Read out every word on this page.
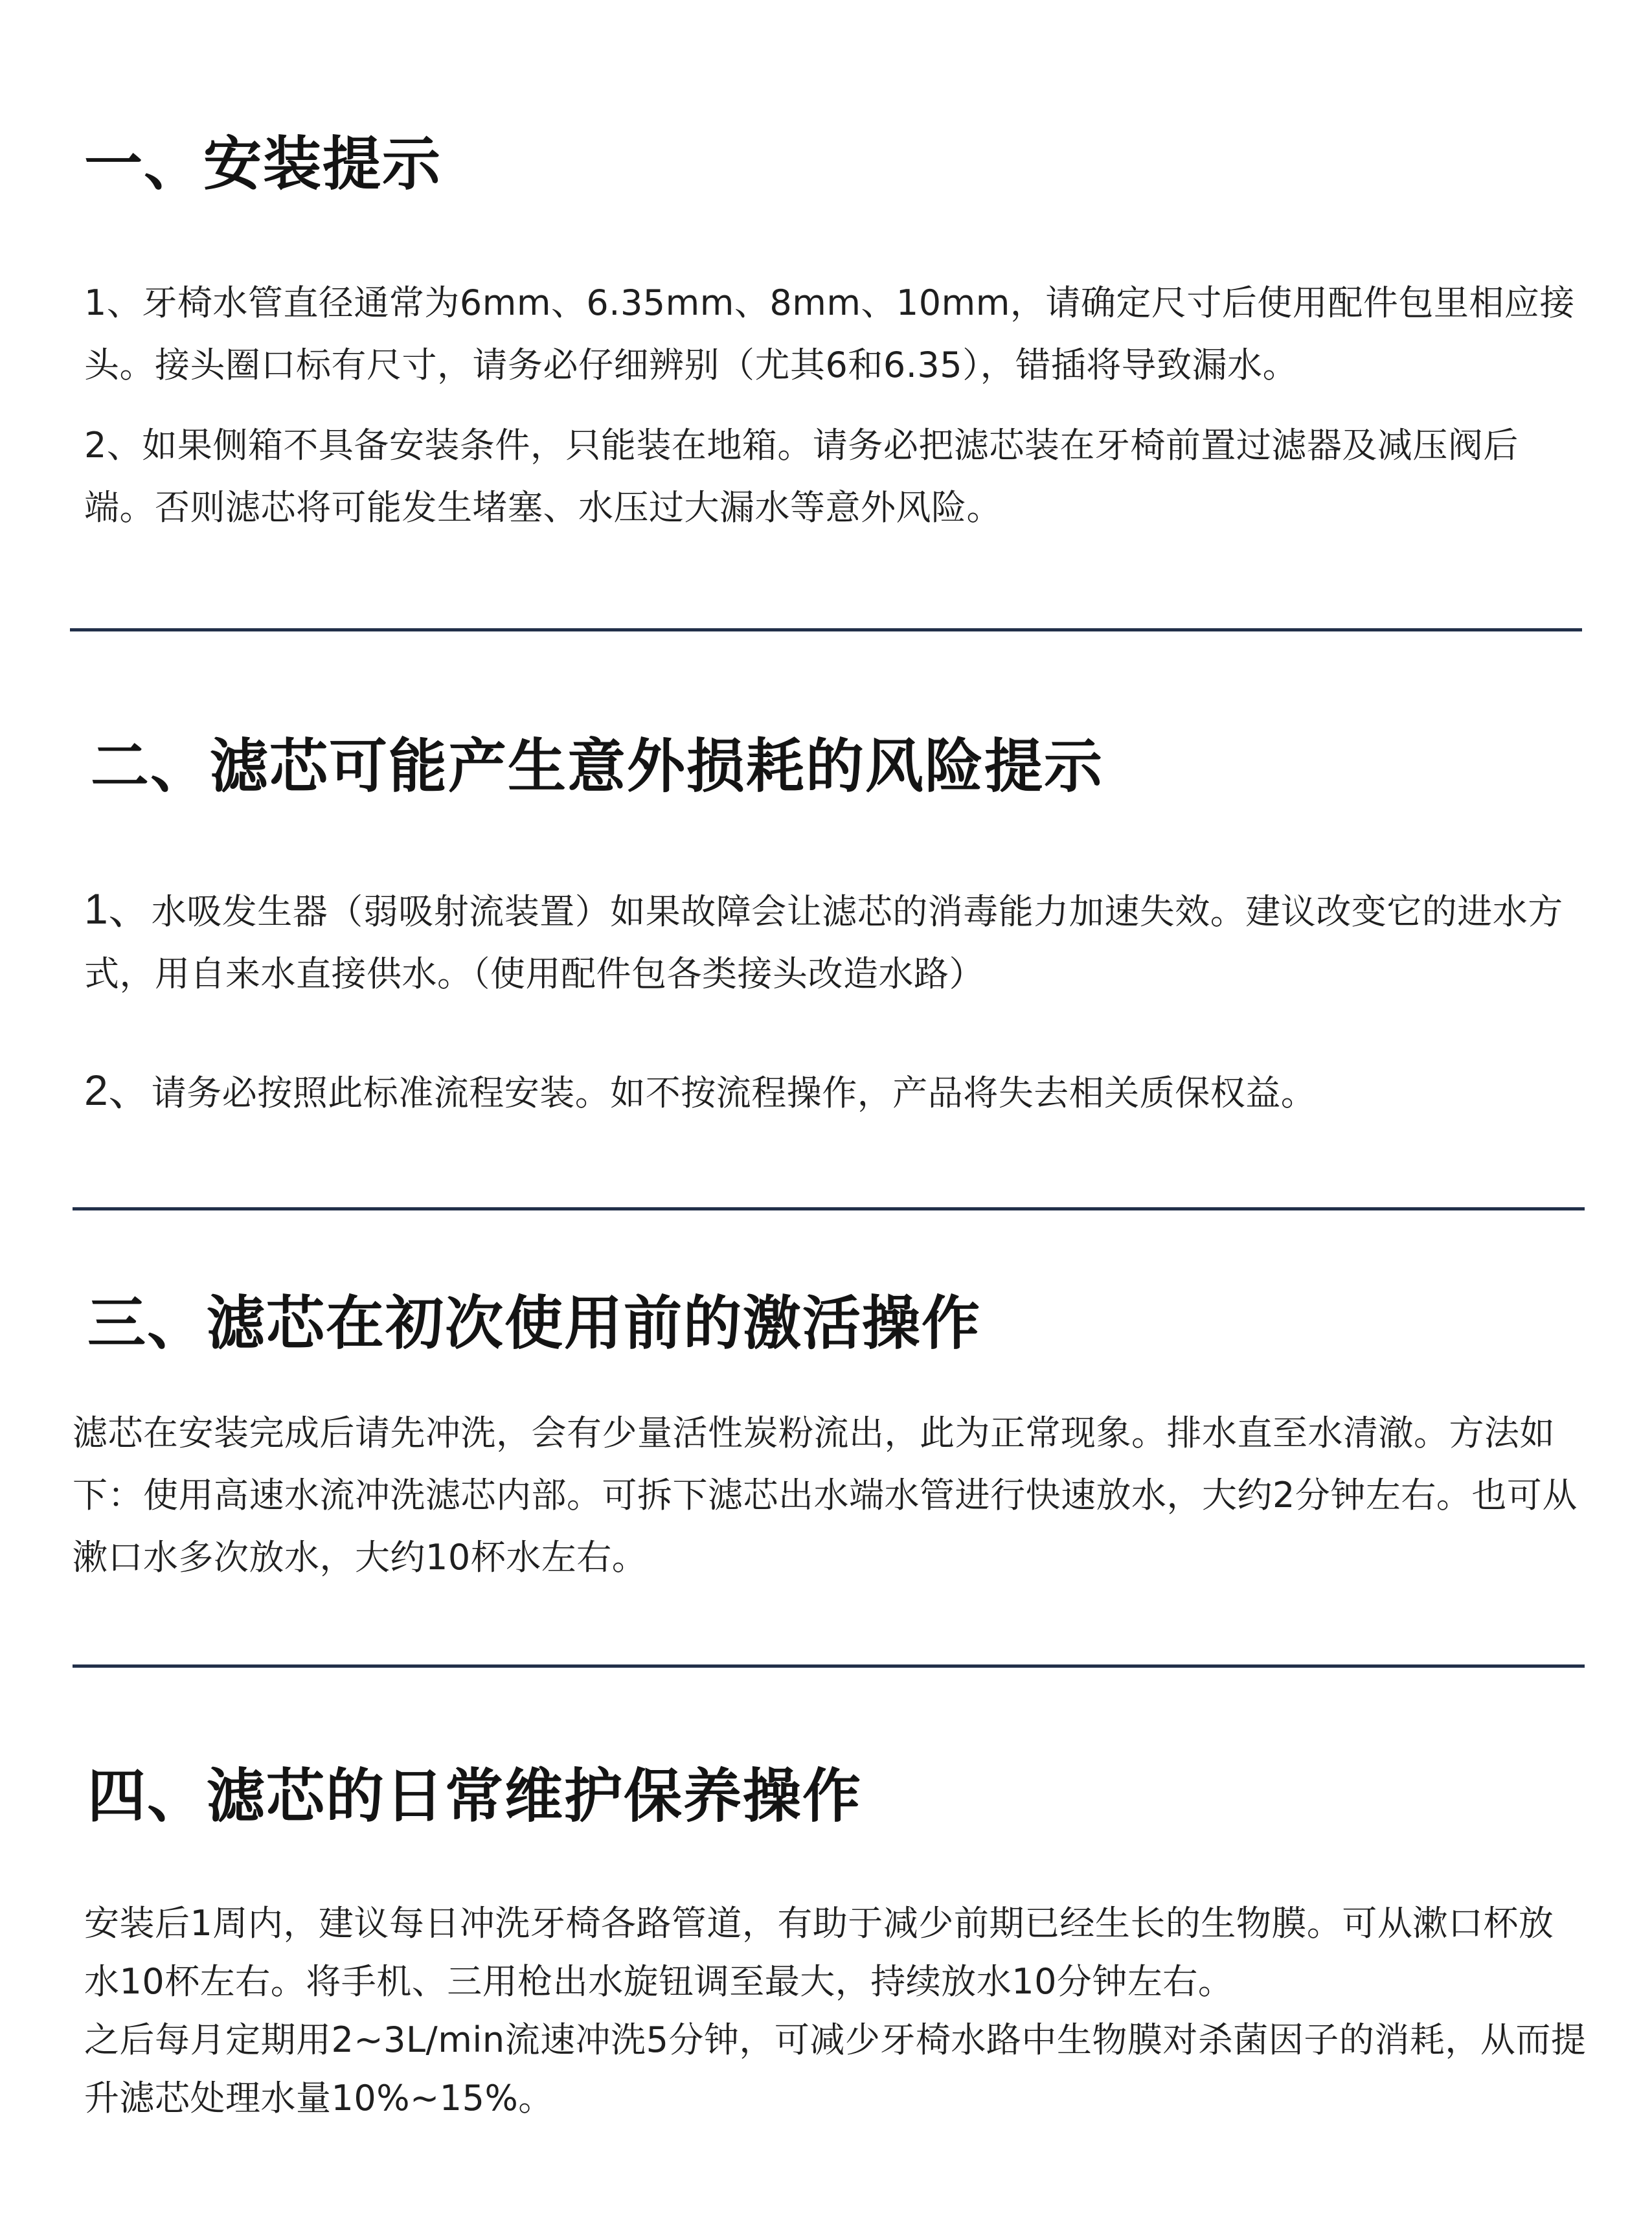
一、安装提示

1、牙椅水管直径通常为6mm、6.35mm、8mm、10mm，请确定尺寸后使用配件包里相应接头。接头圈口标有尺寸，请务必仔细辨别（尤其6和6.35），错插将导致漏水。

2、如果侧箱不具备安装条件，只能装在地箱。请务必把滤芯装在牙椅前置过滤器及减压阀后端。否则滤芯将可能发生堵塞、水压过大漏水等意外风险。

二、滤芯可能产生意外损耗的风险提示

1、水吸发生器（弱吸射流装置）如果故障会让滤芯的消毒能力加速失效。建议改变它的进水方式，用自来水直接供水。（使用配件包各类接头改造水路）

2、请务必按照此标准流程安装。如不按流程操作，产品将失去相关质保权益。

三、滤芯在初次使用前的激活操作

滤芯在安装完成后请先冲洗，会有少量活性炭粉流出，此为正常现象。排水直至水清澈。方法如下：使用高速水流冲洗滤芯内部。可拆下滤芯出水端水管进行快速放水，大约2分钟左右。也可从漱口水多次放水，大约10杯水左右。

四、滤芯的日常维护保养操作

安装后1周内，建议每日冲洗牙椅各路管道，有助于减少前期已经生长的生物膜。可从漱口杯放水10杯左右。将手机、三用枪出水旋钮调至最大，持续放水10分钟左右。

之后每月定期用2~3L/min流速冲洗5分钟，可减少牙椅水路中生物膜对杀菌因子的消耗，从而提升滤芯处理水量10%~15%。
